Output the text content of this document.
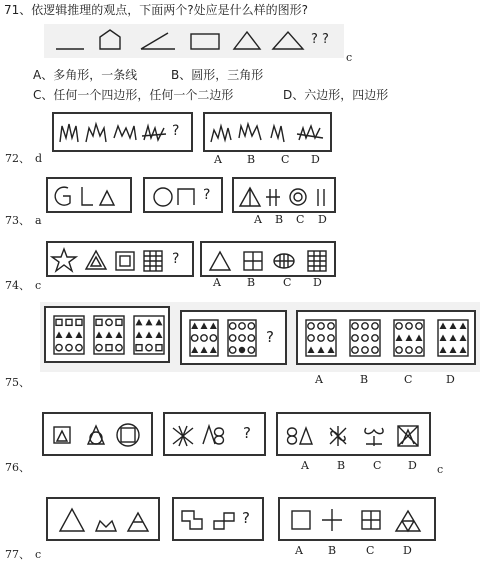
71、依逻辑推理的观点，下面两个?处应是什么样的图形?
? ?
c
A、多角形，一条线	B、圆形，三角形
C、任何一个四边形，任何一个二边形	D、六边形，四边形
?
A B C D
72、 d
?
A B C D
73、 a
?
A B	C D
74、 c
?
A	B	C	D
75、
?
A	B	C D
76、	c
?
A B	C	D
77、 c
